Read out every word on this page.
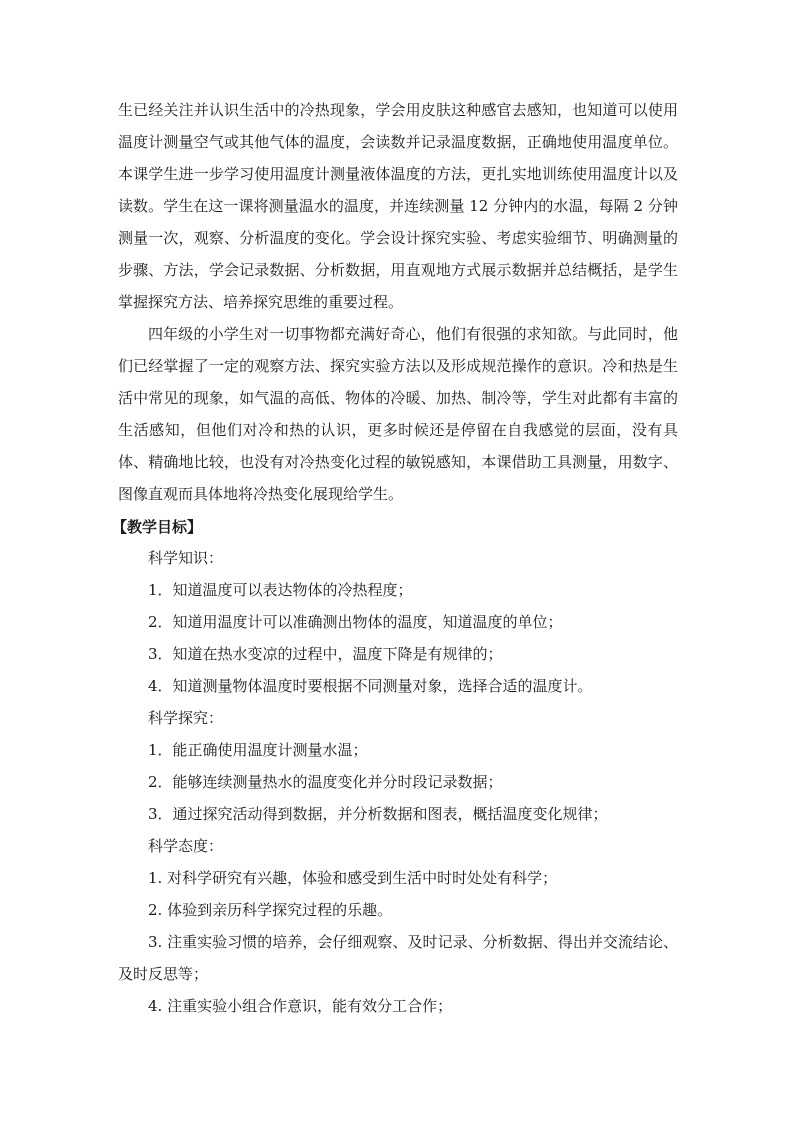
生已经关注并认识生活中的冷热现象，学会用皮肤这种感官去感知，也知道可以使用温度计测量空气或其他气体的温度，会读数并记录温度数据，正确地使用温度单位。本课学生进一步学习使用温度计测量液体温度的方法，更扎实地训练使用温度计以及读数。学生在这一课将测量温水的温度，并连续测量 12 分钟内的水温，每隔 2 分钟测量一次，观察、分析温度的变化。学会设计探究实验、考虑实验细节、明确测量的步骤、方法，学会记录数据、分析数据，用直观地方式展示数据并总结概括，是学生掌握探究方法、培养探究思维的重要过程。

四年级的小学生对一切事物都充满好奇心，他们有很强的求知欲。与此同时，他们已经掌握了一定的观察方法、探究实验方法以及形成规范操作的意识。冷和热是生活中常见的现象，如气温的高低、物体的冷暖、加热、制冷等，学生对此都有丰富的生活感知，但他们对冷和热的认识，更多时候还是停留在自我感觉的层面，没有具体、精确地比较，也没有对冷热变化过程的敏锐感知，本课借助工具测量，用数字、图像直观而具体地将冷热变化展现给学生。

【教学目标】

科学知识：

1．知道温度可以表达物体的冷热程度；

2．知道用温度计可以准确测出物体的温度，知道温度的单位；

3．知道在热水变凉的过程中，温度下降是有规律的；

4．知道测量物体温度时要根据不同测量对象，选择合适的温度计。

科学探究：

1．能正确使用温度计测量水温；

2．能够连续测量热水的温度变化并分时段记录数据；

3．通过探究活动得到数据，并分析数据和图表，概括温度变化规律；

科学态度：

1. 对科学研究有兴趣，体验和感受到生活中时时处处有科学；

2. 体验到亲历科学探究过程的乐趣。

3. 注重实验习惯的培养，会仔细观察、及时记录、分析数据、得出并交流结论、及时反思等；

4. 注重实验小组合作意识，能有效分工合作；
